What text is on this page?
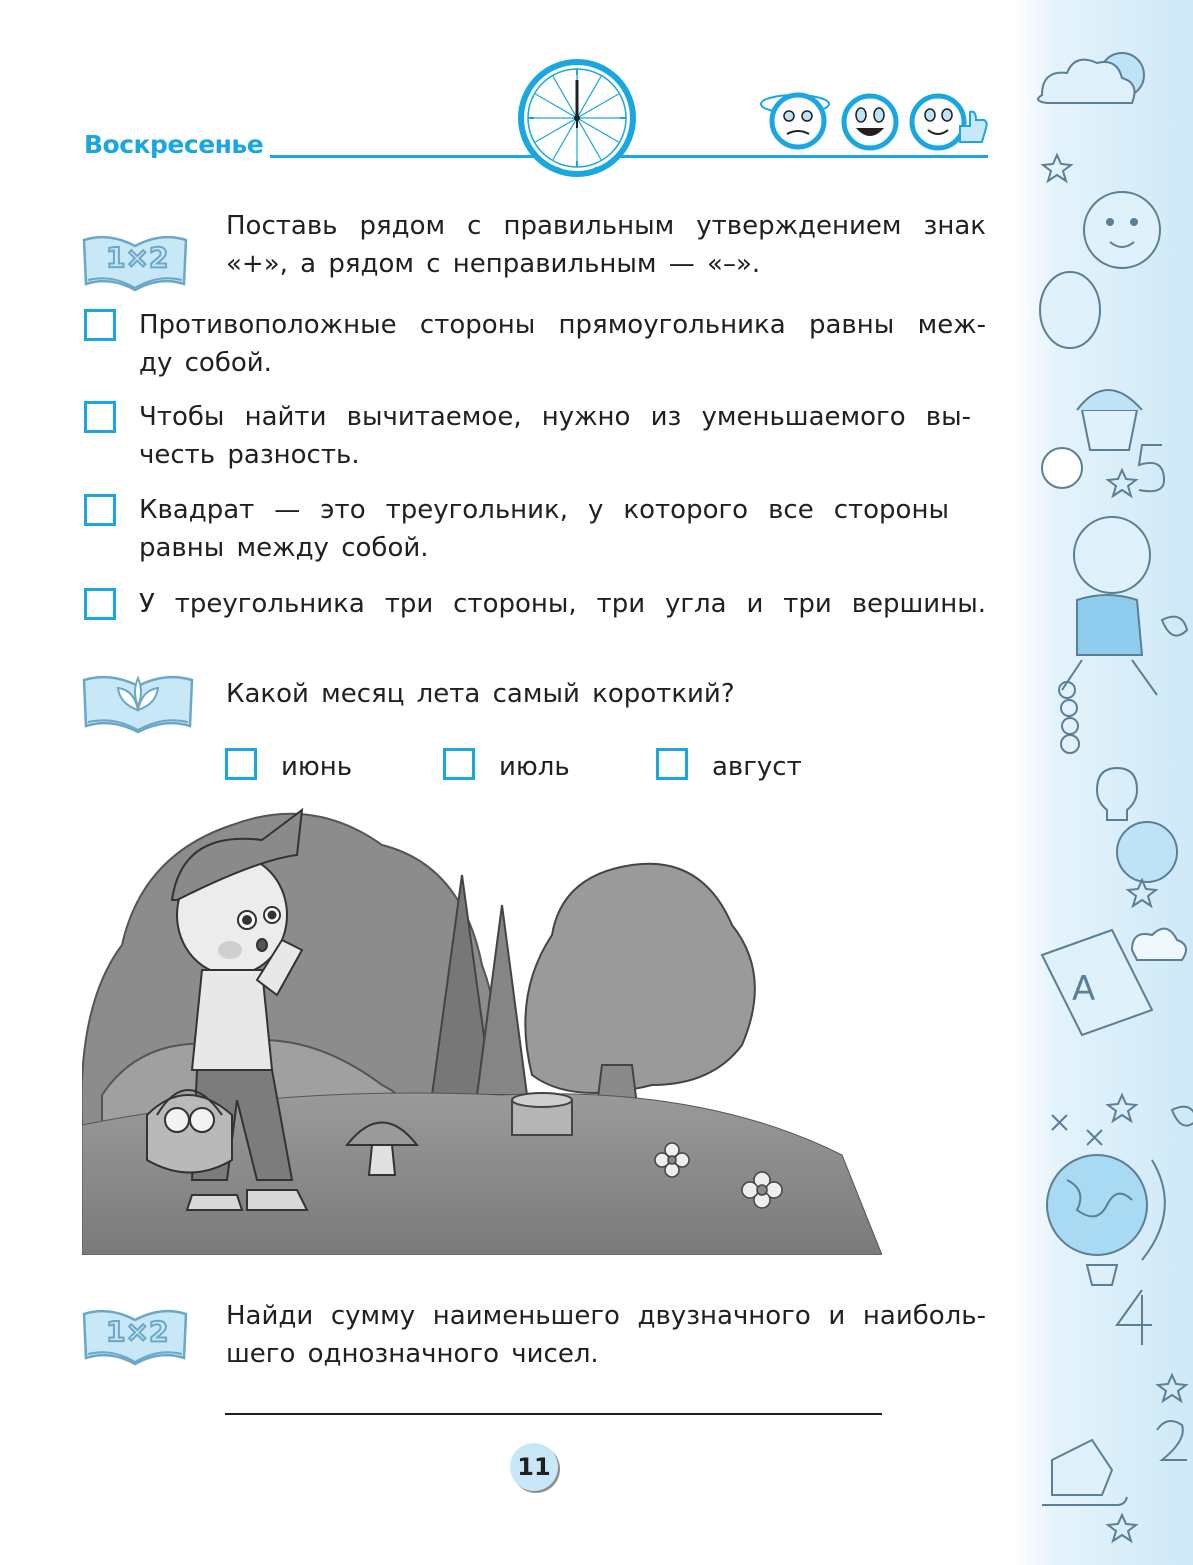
A
Воскресенье
1×2
Поставь рядом с правильным утверждением знак
«+», а рядом с неправильным — «–».
Противоположные стороны прямоугольника равны меж-
ду собой.
Чтобы найти вычитаемое, нужно из уменьшаемого вы-
честь разность.
Квадрат — это треугольник, у которого все стороны
равны между собой.
У треугольника три стороны, три угла и три вершины.
Какой месяц лета самый короткий?
июнь	июль	август
1×2 Найди сумму наименьшего двузначного и наиболь-
шего однозначного чисел.
11
